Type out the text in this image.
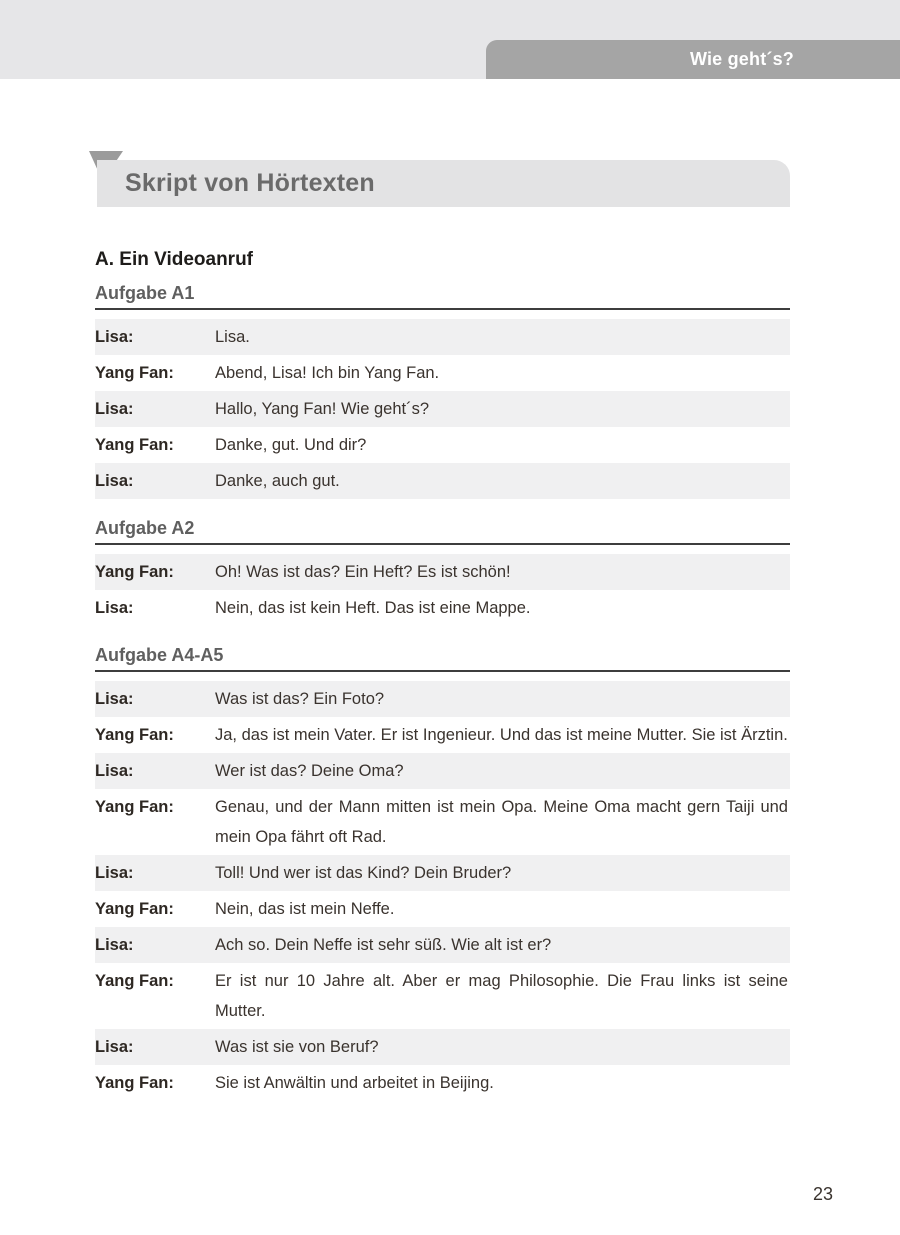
Wie geht´s?
Skript von Hörtexten
A. Ein Videoanruf
Aufgabe A1
Lisa:	Lisa.
Yang Fan:	Abend, Lisa! Ich bin Yang Fan.
Lisa:	Hallo, Yang Fan! Wie geht´s?
Yang Fan:	Danke, gut. Und dir?
Lisa:	Danke, auch gut.
Aufgabe A2
Yang Fan:	Oh! Was ist das? Ein Heft? Es ist schön!
Lisa:	Nein, das ist kein Heft. Das ist eine Mappe.
Aufgabe A4-A5
Lisa:	Was ist das? Ein Foto?
Yang Fan:	Ja, das ist mein Vater. Er ist Ingenieur. Und das ist meine Mutter. Sie ist Ärztin.
Lisa:	Wer ist das? Deine Oma?
Yang Fan:	Genau, und der Mann mitten ist mein Opa. Meine Oma macht gern Taiji und mein Opa fährt oft Rad.
Lisa:	Toll! Und wer ist das Kind? Dein Bruder?
Yang Fan:	Nein, das ist mein Neffe.
Lisa:	Ach so. Dein Neffe ist sehr süß. Wie alt ist er?
Yang Fan:	Er ist nur 10 Jahre alt. Aber er mag Philosophie. Die Frau links ist seine Mutter.
Lisa:	Was ist sie von Beruf?
Yang Fan:	Sie ist Anwältin und arbeitet in Beijing.
23
